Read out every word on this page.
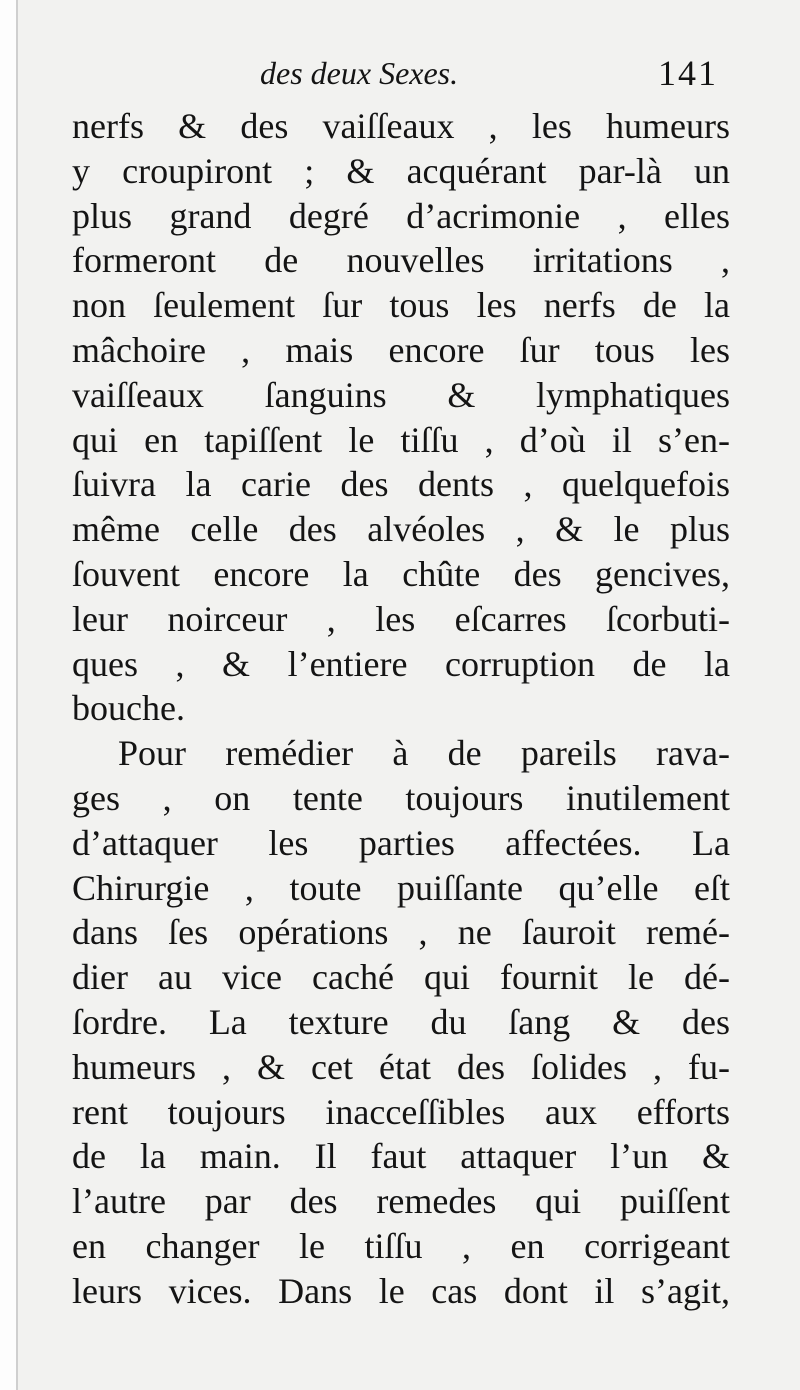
des deux Sexes.	141
nerfs & des vaiſſeaux , les humeurs
y croupiront ; & acquérant par-là un
plus grand degré d’acrimonie , elles
formeront de nouvelles irritations ,
non ſeulement ſur tous les nerfs de la
mâchoire , mais encore ſur tous les
vaiſſeaux ſanguins & lymphatiques
qui en tapiſſent le tiſſu , d’où il s’en-
ſuivra la carie des dents , quelquefois
même celle des alvéoles , & le plus
ſouvent encore la chûte des gencives,
leur noirceur , les eſcarres ſcorbuti-
ques , & l’entiere corruption de la
bouche.
Pour remédier à de pareils rava-
ges , on tente toujours inutilement
d’attaquer les parties affectées. La
Chirurgie , toute puiſſante qu’elle eſt
dans ſes opérations , ne ſauroit remé-
dier au vice caché qui fournit le dé-
ſordre. La texture du ſang & des
humeurs , & cet état des ſolides , fu-
rent toujours inacceſſibles aux efforts
de la main. Il faut attaquer l’un &
l’autre par des remedes qui puiſſent
en changer le tiſſu , en corrigeant
leurs vices. Dans le cas dont il s’agit,
